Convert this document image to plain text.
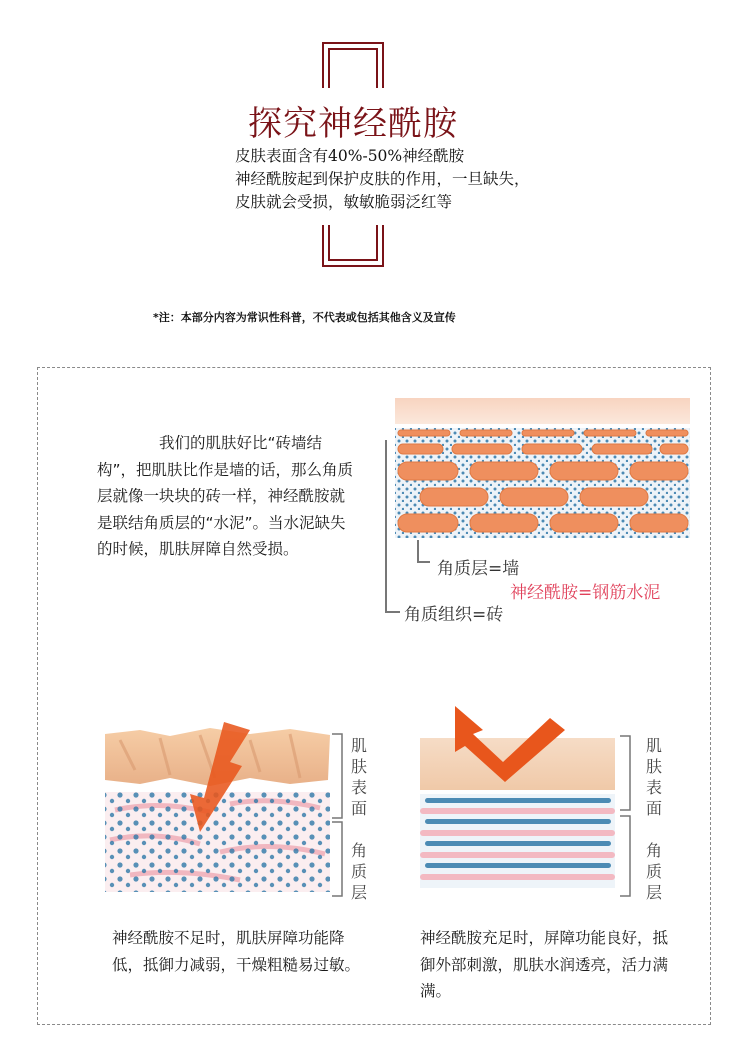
探究神经酰胺
皮肤表面含有40%-50%神经酰胺
神经酰胺起到保护皮肤的作用，一旦缺失，
皮肤就会受损，敏敏脆弱泛红等
*注：本部分内容为常识性科普，不代表或包括其他含义及宣传
我们的肌肤好比“砖墙结构”，把肌肤比作是墙的话，那么角质层就像一块块的砖一样，神经酰胺就是联结角质层的“水泥”。当水泥缺失的时候，肌肤屏障自然受损。
角质层=墙
神经酰胺=钢筋水泥
角质组织=砖
肌
肤
表
面
角
质
层
肌
肤
表
面
角
质
层
神经酰胺不足时，肌肤屏障功能降低，抵御力减弱，干燥粗糙易过敏。
神经酰胺充足时，屏障功能良好，抵御外部刺激，肌肤水润透亮，活力满满。
